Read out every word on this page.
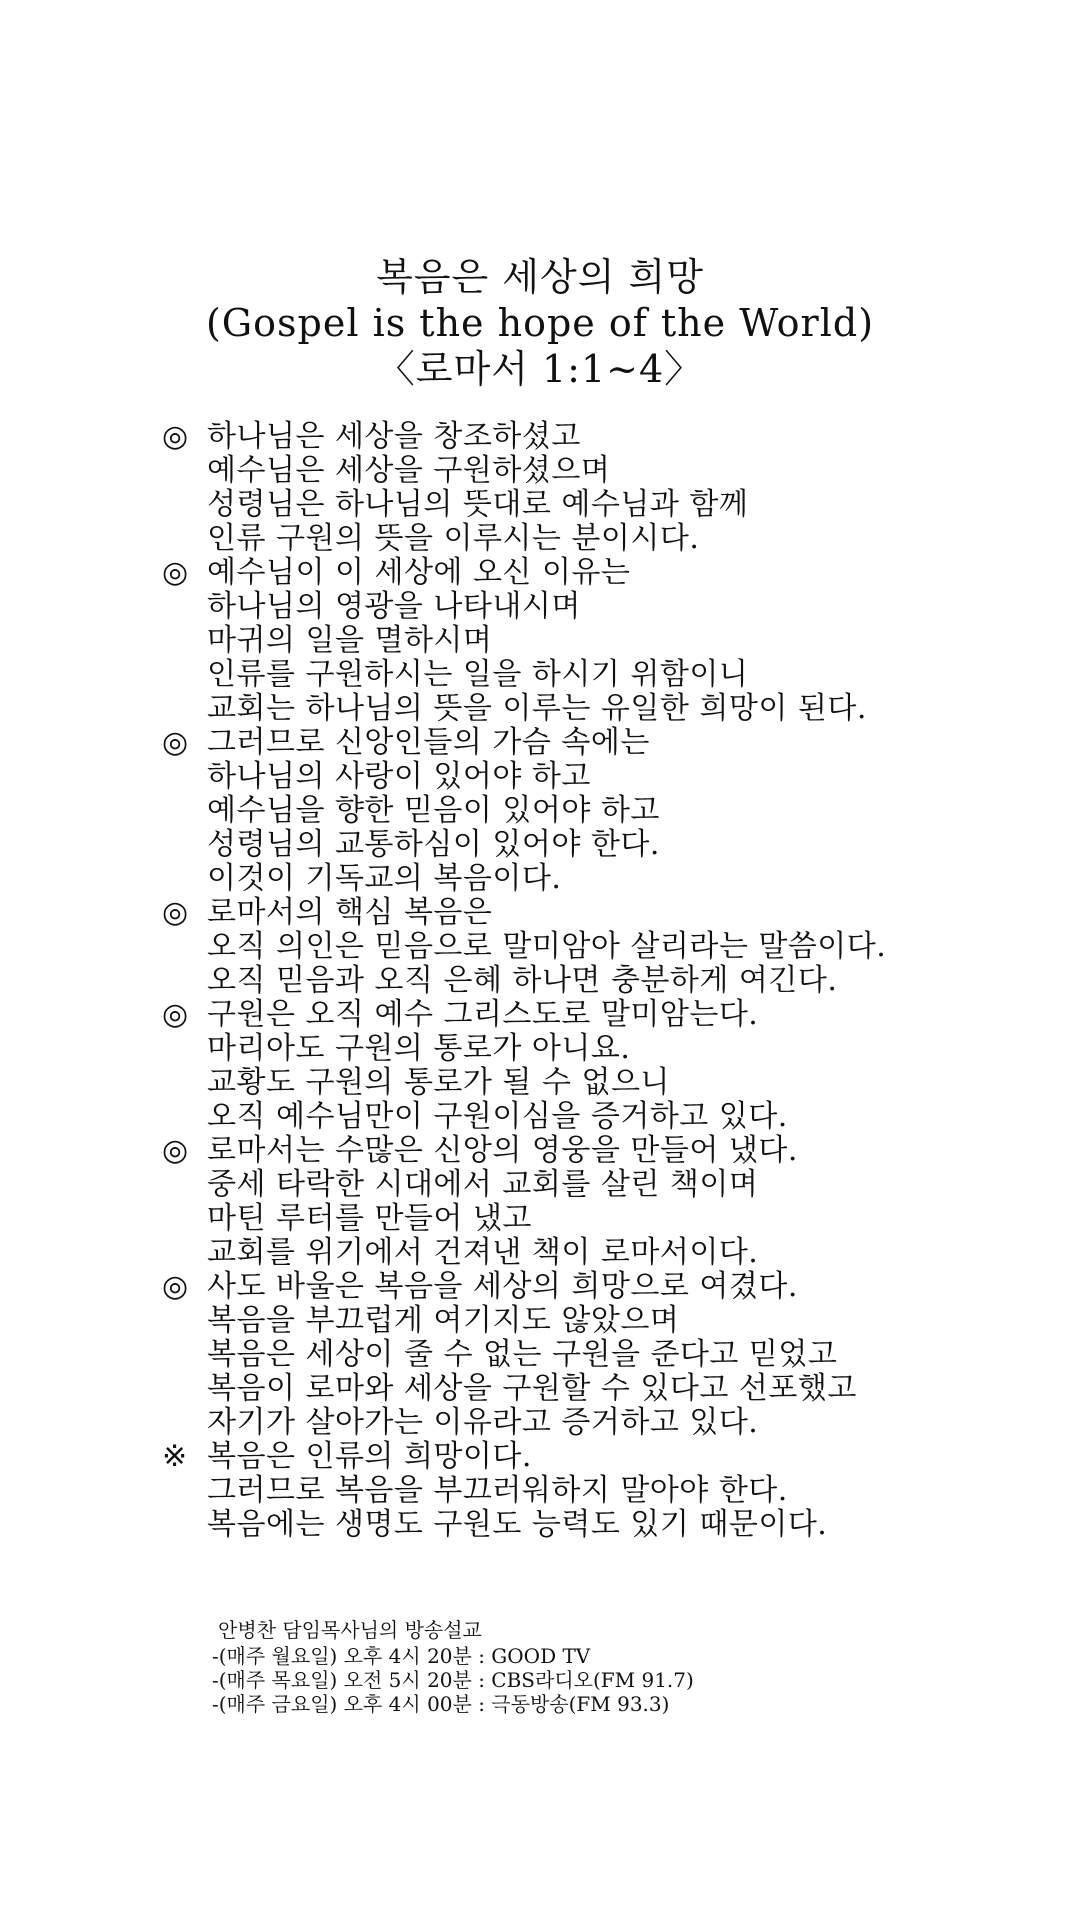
복음은 세상의 희망
(Gospel is the hope of the World)
〈로마서 1:1~4〉
◎ 하나님은 세상을 창조하셨고
예수님은 세상을 구원하셨으며
성령님은 하나님의 뜻대로 예수님과 함께
인류 구원의 뜻을 이루시는 분이시다.
◎ 예수님이 이 세상에 오신 이유는
하나님의 영광을 나타내시며
마귀의 일을 멸하시며
인류를 구원하시는 일을 하시기 위함이니
교회는 하나님의 뜻을 이루는 유일한 희망이 된다.
◎ 그러므로 신앙인들의 가슴 속에는
하나님의 사랑이 있어야 하고
예수님을 향한 믿음이 있어야 하고
성령님의 교통하심이 있어야 한다.
이것이 기독교의 복음이다.
◎ 로마서의 핵심 복음은
오직 의인은 믿음으로 말미암아 살리라는 말씀이다.
오직 믿음과 오직 은혜 하나면 충분하게 여긴다.
◎ 구원은 오직 예수 그리스도로 말미암는다.
마리아도 구원의 통로가 아니요.
교황도 구원의 통로가 될 수 없으니
오직 예수님만이 구원이심을 증거하고 있다.
◎ 로마서는 수많은 신앙의 영웅을 만들어 냈다.
중세 타락한 시대에서 교회를 살린 책이며
마틴 루터를 만들어 냈고
교회를 위기에서 건져낸 책이 로마서이다.
◎ 사도 바울은 복음을 세상의 희망으로 여겼다.
복음을 부끄럽게 여기지도 않았으며
복음은 세상이 줄 수 없는 구원을 준다고 믿었고
복음이 로마와 세상을 구원할 수 있다고 선포했고
자기가 살아가는 이유라고 증거하고 있다.
※ 복음은 인류의 희망이다.
그러므로 복음을 부끄러워하지 말아야 한다.
복음에는 생명도 구원도 능력도 있기 때문이다.
안병찬 담임목사님의 방송설교
-(매주 월요일) 오후 4시 20분 : GOOD TV
-(매주 목요일) 오전 5시 20분 : CBS라디오(FM 91.7)
-(매주 금요일) 오후 4시 00분 : 극동방송(FM 93.3)
